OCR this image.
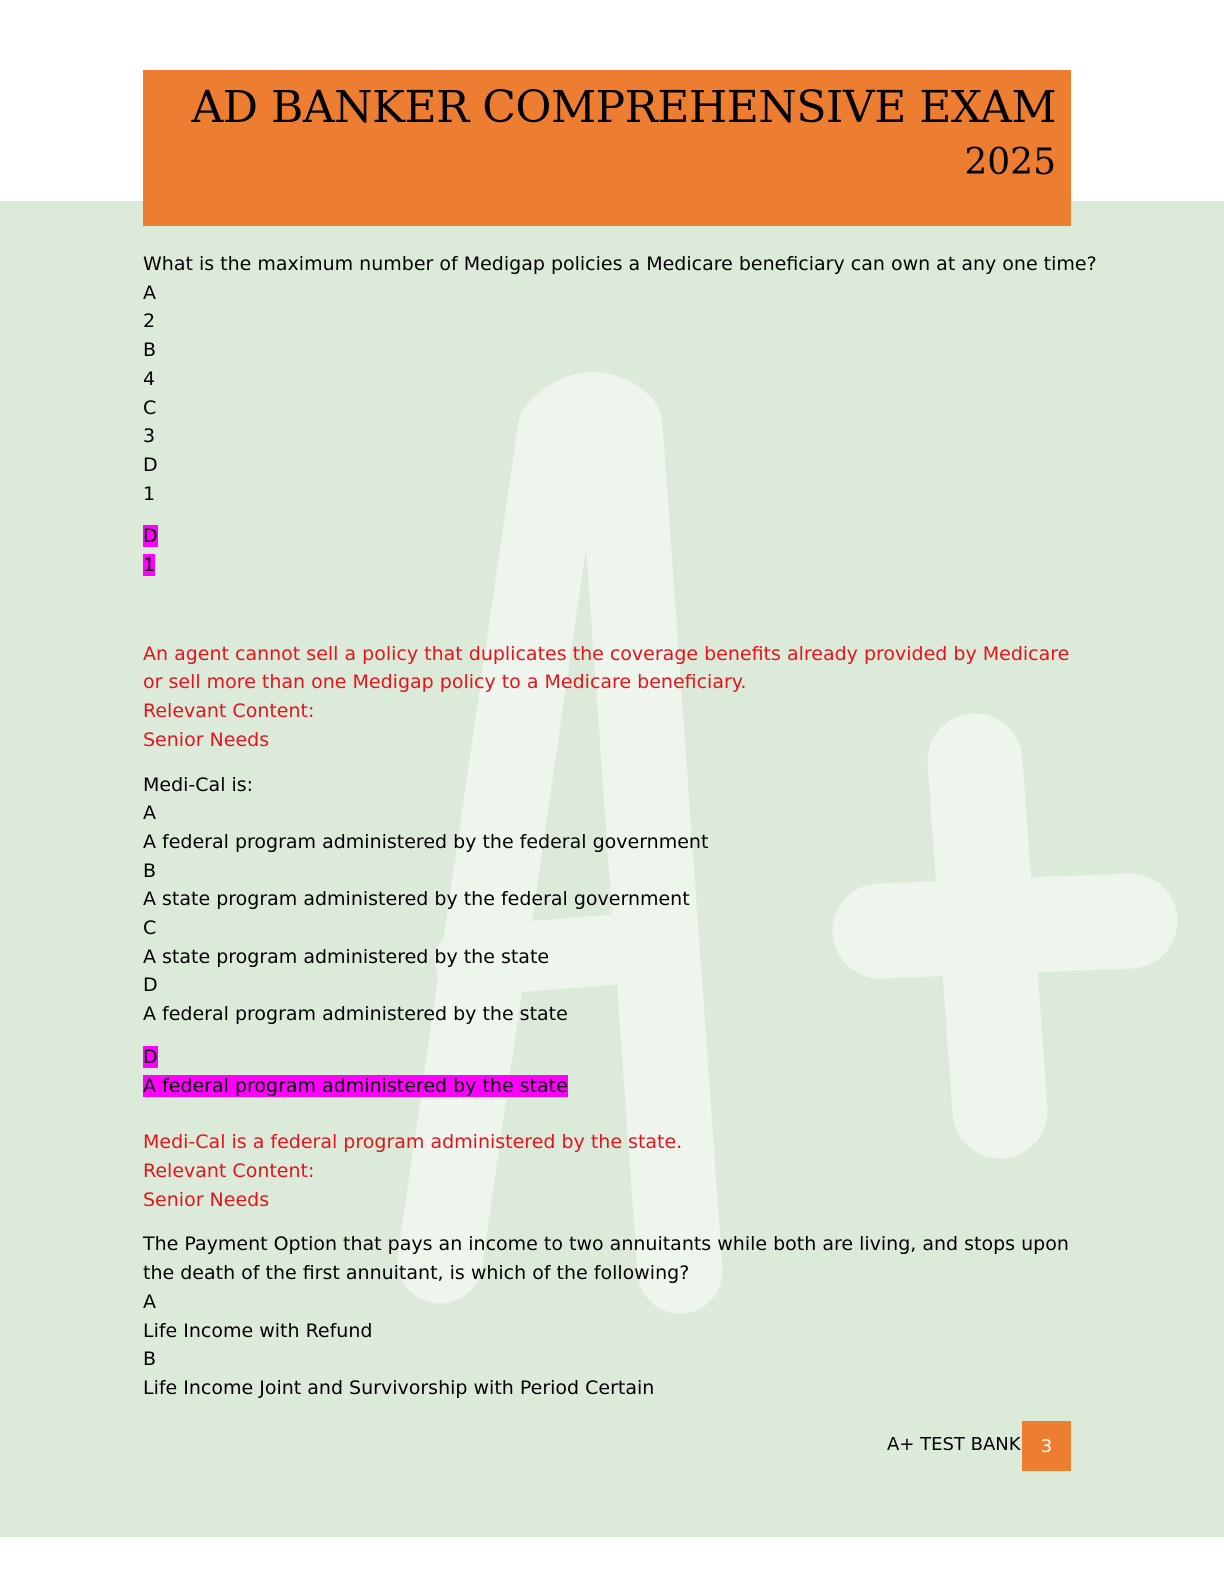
AD BANKER COMPREHENSIVE EXAM
2025
What is the maximum number of Medigap policies a Medicare beneficiary can own at any one time?
A
2
B
4
C
3
D
1
D
1
An agent cannot sell a policy that duplicates the coverage benefits already provided by Medicare or sell more than one Medigap policy to a Medicare beneficiary.
Relevant Content:
Senior Needs
Medi-Cal is:
A
A federal program administered by the federal government
B
A state program administered by the federal government
C
A state program administered by the state
D
A federal program administered by the state
D
A federal program administered by the state
Medi-Cal is a federal program administered by the state.
Relevant Content:
Senior Needs
The Payment Option that pays an income to two annuitants while both are living, and stops upon the death of the first annuitant, is which of the following?
A
Life Income with Refund
B
Life Income Joint and Survivorship with Period Certain
A+ TEST BANK	3
